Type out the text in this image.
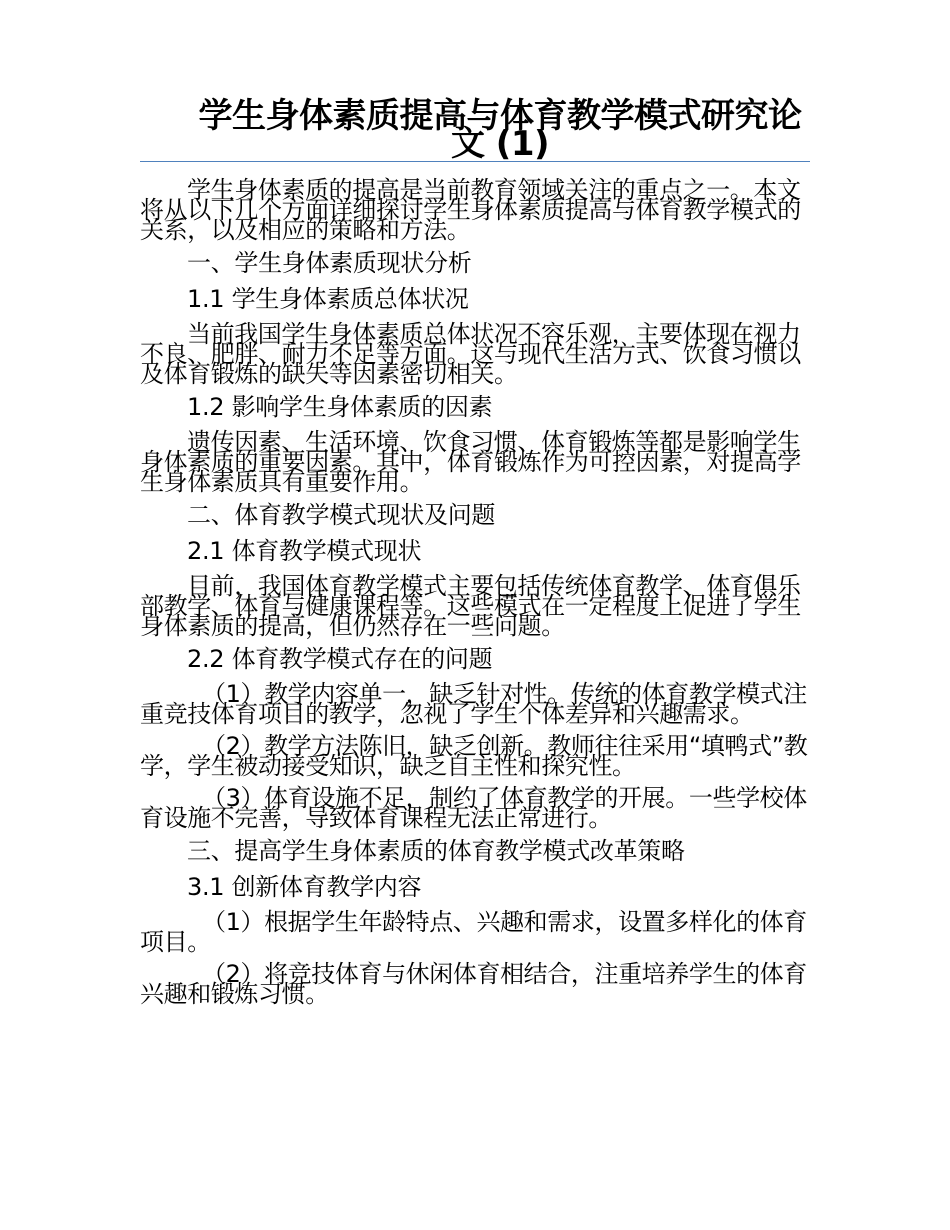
学生身体素质提高与体育教学模式研究论文 (1)

学生身体素质的提高是当前教育领域关注的重点之一。本文将从以下几个方面详细探讨学生身体素质提高与体育教学模式的关系，以及相应的策略和方法。

一、学生身体素质现状分析

1.1 学生身体素质总体状况

当前我国学生身体素质总体状况不容乐观，主要体现在视力不良、肥胖、耐力不足等方面。这与现代生活方式、饮食习惯以及体育锻炼的缺失等因素密切相关。

1.2 影响学生身体素质的因素

遗传因素、生活环境、饮食习惯、体育锻炼等都是影响学生身体素质的重要因素。其中，体育锻炼作为可控因素，对提高学生身体素质具有重要作用。

二、体育教学模式现状及问题

2.1 体育教学模式现状

目前，我国体育教学模式主要包括传统体育教学、体育俱乐部教学、体育与健康课程等。这些模式在一定程度上促进了学生身体素质的提高，但仍然存在一些问题。

2.2 体育教学模式存在的问题

（1）教学内容单一，缺乏针对性。传统的体育教学模式注重竞技体育项目的教学，忽视了学生个体差异和兴趣需求。

（2）教学方法陈旧，缺乏创新。教师往往采用“填鸭式”教学，学生被动接受知识，缺乏自主性和探究性。

（3）体育设施不足，制约了体育教学的开展。一些学校体育设施不完善，导致体育课程无法正常进行。

三、提高学生身体素质的体育教学模式改革策略

3.1 创新体育教学内容

（1）根据学生年龄特点、兴趣和需求，设置多样化的体育项目。

（2）将竞技体育与休闲体育相结合，注重培养学生的体育兴趣和锻炼习惯。
